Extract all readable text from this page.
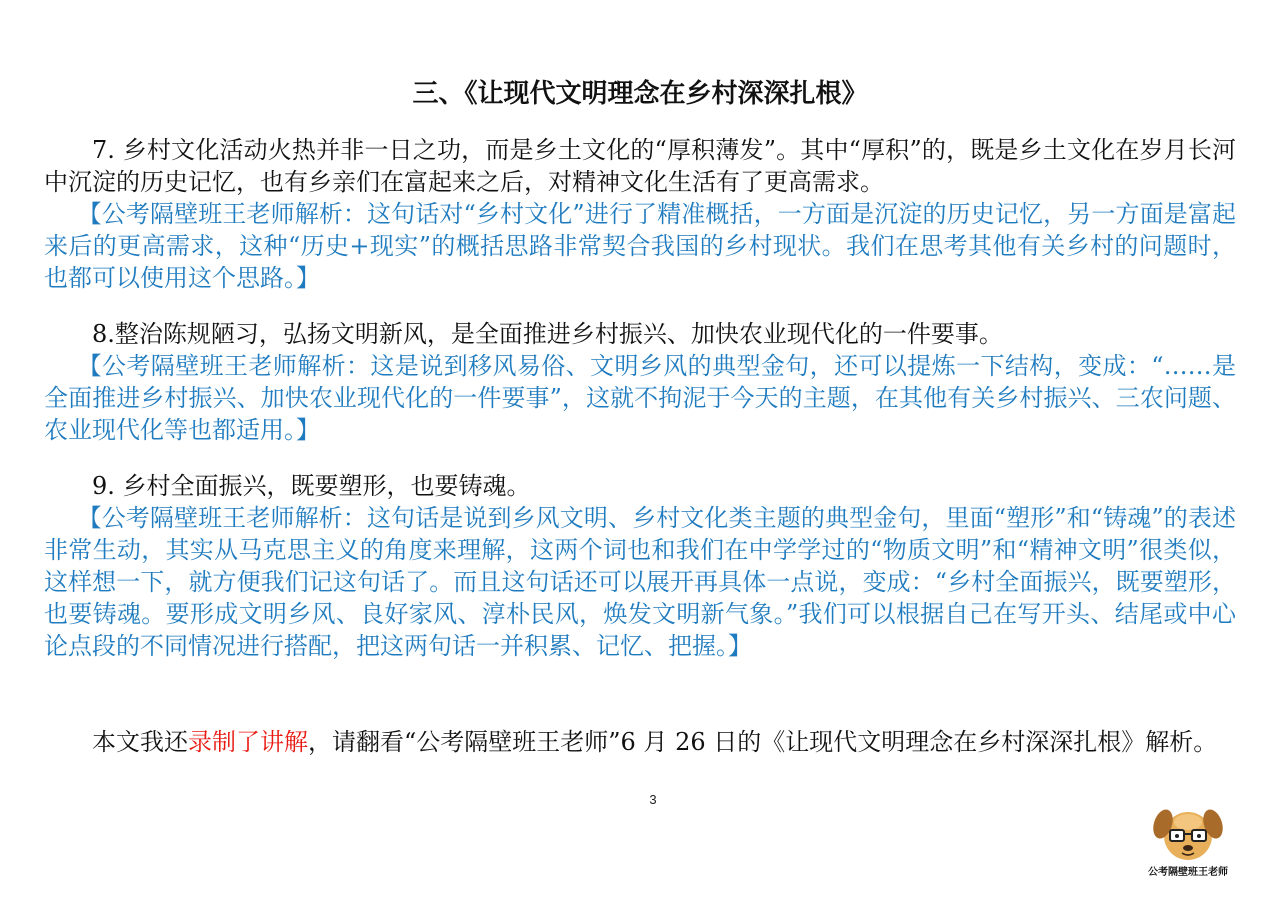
三、《让现代文明理念在乡村深深扎根》

7. 乡村文化活动火热并非一日之功，而是乡土文化的“厚积薄发”。其中“厚积”的，既是乡土文化在岁月长河中沉淀的历史记忆，也有乡亲们在富起来之后，对精神文化生活有了更高需求。

【公考隔壁班王老师解析：这句话对“乡村文化”进行了精准概括，一方面是沉淀的历史记忆，另一方面是富起来后的更高需求，这种“历史+现实”的概括思路非常契合我国的乡村现状。我们在思考其他有关乡村的问题时，也都可以使用这个思路。】

8.整治陈规陋习，弘扬文明新风，是全面推进乡村振兴、加快农业现代化的一件要事。

【公考隔壁班王老师解析：这是说到移风易俗、文明乡风的典型金句，还可以提炼一下结构，变成：“……是全面推进乡村振兴、加快农业现代化的一件要事”，这就不拘泥于今天的主题，在其他有关乡村振兴、三农问题、农业现代化等也都适用。】

9. 乡村全面振兴，既要塑形，也要铸魂。

【公考隔壁班王老师解析：这句话是说到乡风文明、乡村文化类主题的典型金句，里面“塑形”和“铸魂”的表述非常生动，其实从马克思主义的角度来理解，这两个词也和我们在中学学过的“物质文明”和“精神文明”很类似，这样想一下，就方便我们记这句话了。而且这句话还可以展开再具体一点说，变成：“乡村全面振兴，既要塑形，也要铸魂。要形成文明乡风、良好家风、淳朴民风，焕发文明新气象。”我们可以根据自己在写开头、结尾或中心论点段的不同情况进行搭配，把这两句话一并积累、记忆、把握。】

本文我还录制了讲解，请翻看“公考隔壁班王老师”6 月 26 日的《让现代文明理念在乡村深深扎根》解析。

3
公考隔壁班王老师
